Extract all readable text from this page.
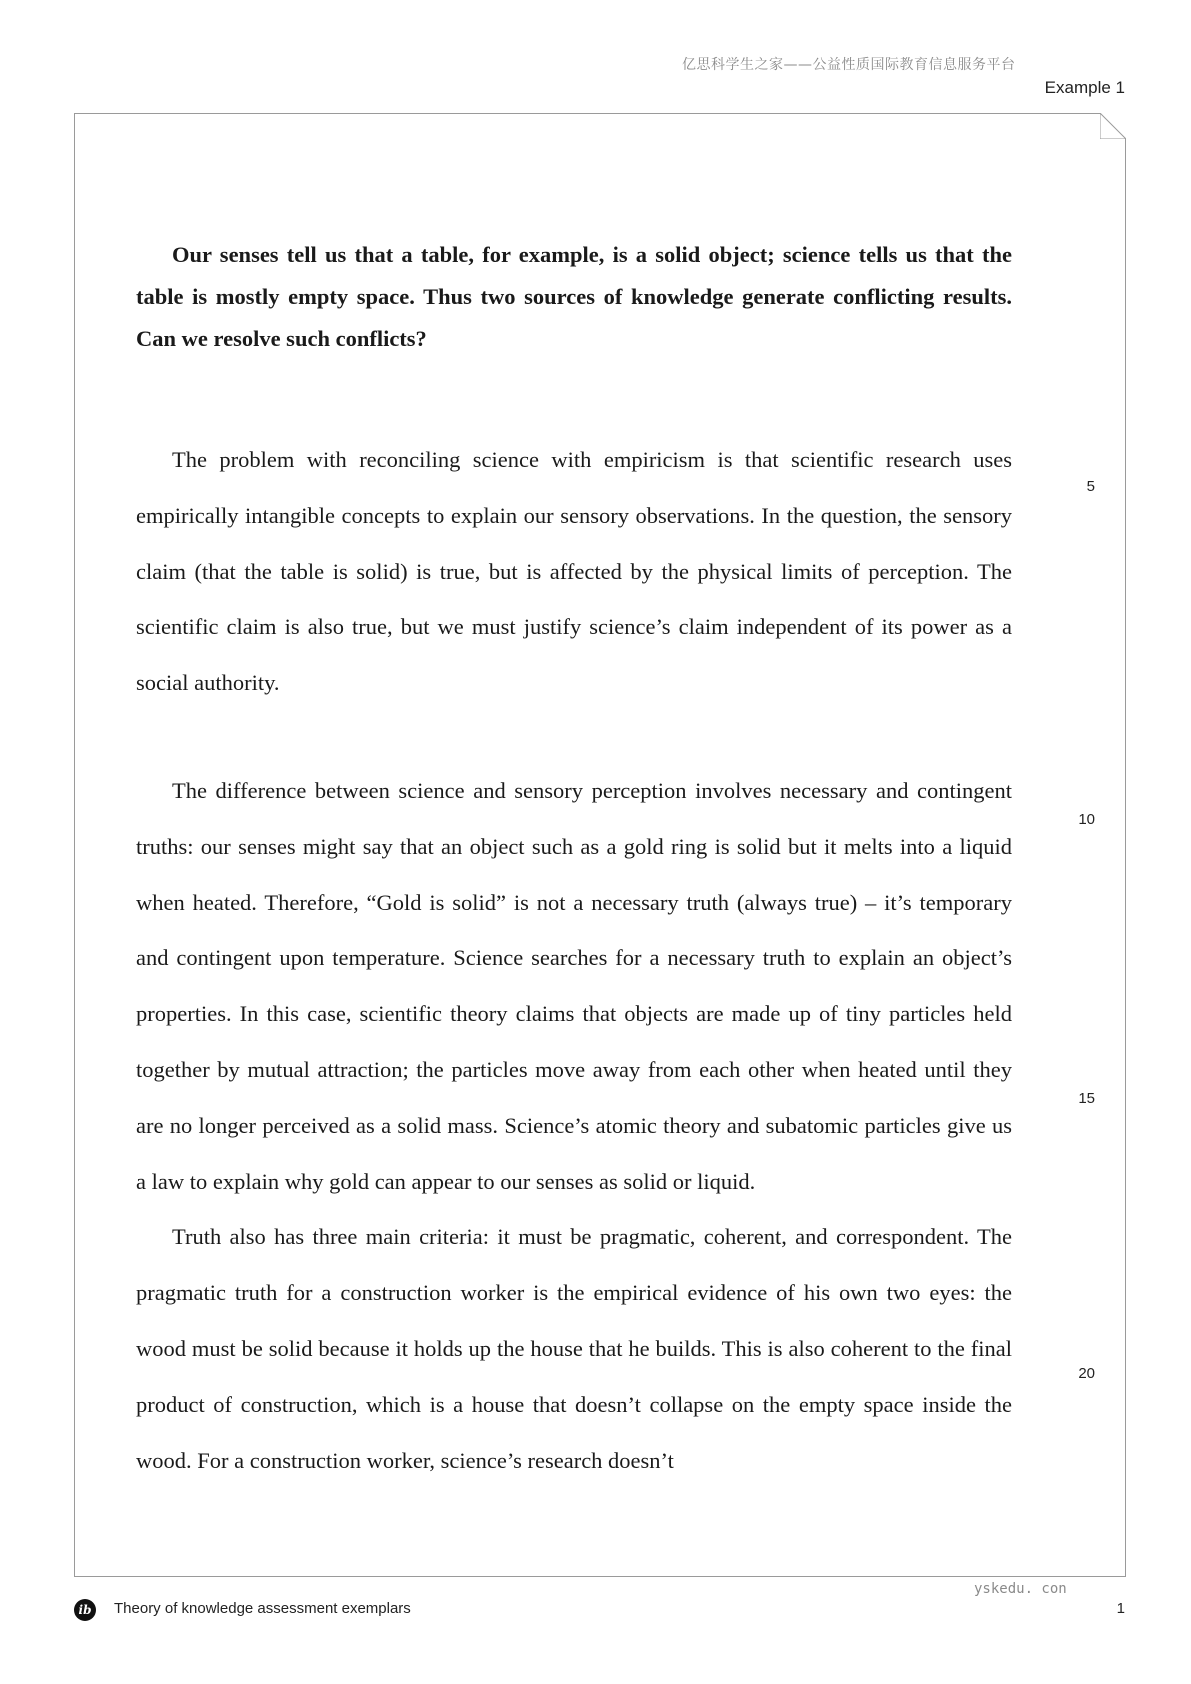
亿思科学生之家——公益性质国际教育信息服务平台
Example 1

Our senses tell us that a table, for example, is a solid object; science tells us that the table is mostly empty space. Thus two sources of knowledge generate conflicting results. Can we resolve such conflicts?

The problem with reconciling science with empiricism is that scientific research uses empirically intangible concepts to explain our sensory observations. In the question, the sensory claim (that the table is solid) is true, but is affected by the physical limits of perception. The scientific claim is also true, but we must justify science’s claim independent of its power as a social authority.

The difference between science and sensory perception involves necessary and contingent truths: our senses might say that an object such as a gold ring is solid but it melts into a liquid when heated. Therefore, “Gold is solid” is not a necessary truth (always true) – it’s temporary and contingent upon temperature. Science searches for a necessary truth to explain an object’s properties. In this case, scientific theory claims that objects are made up of tiny particles held together by mutual attraction; the particles move away from each other when heated until they are no longer perceived as a solid mass. Science’s atomic theory and subatomic particles give us a law to explain why gold can appear to our senses as solid or liquid.

Truth also has three main criteria: it must be pragmatic, coherent, and correspondent. The pragmatic truth for a construction worker is the empirical evidence of his own two eyes: the wood must be solid because it holds up the house that he builds. This is also coherent to the final product of construction, which is a house that doesn’t collapse on the empty space inside the wood. For a construction worker, science’s research doesn’t

5
10
15
20
ib	Theory of knowledge assessment exemplars
yskedu. con
1
